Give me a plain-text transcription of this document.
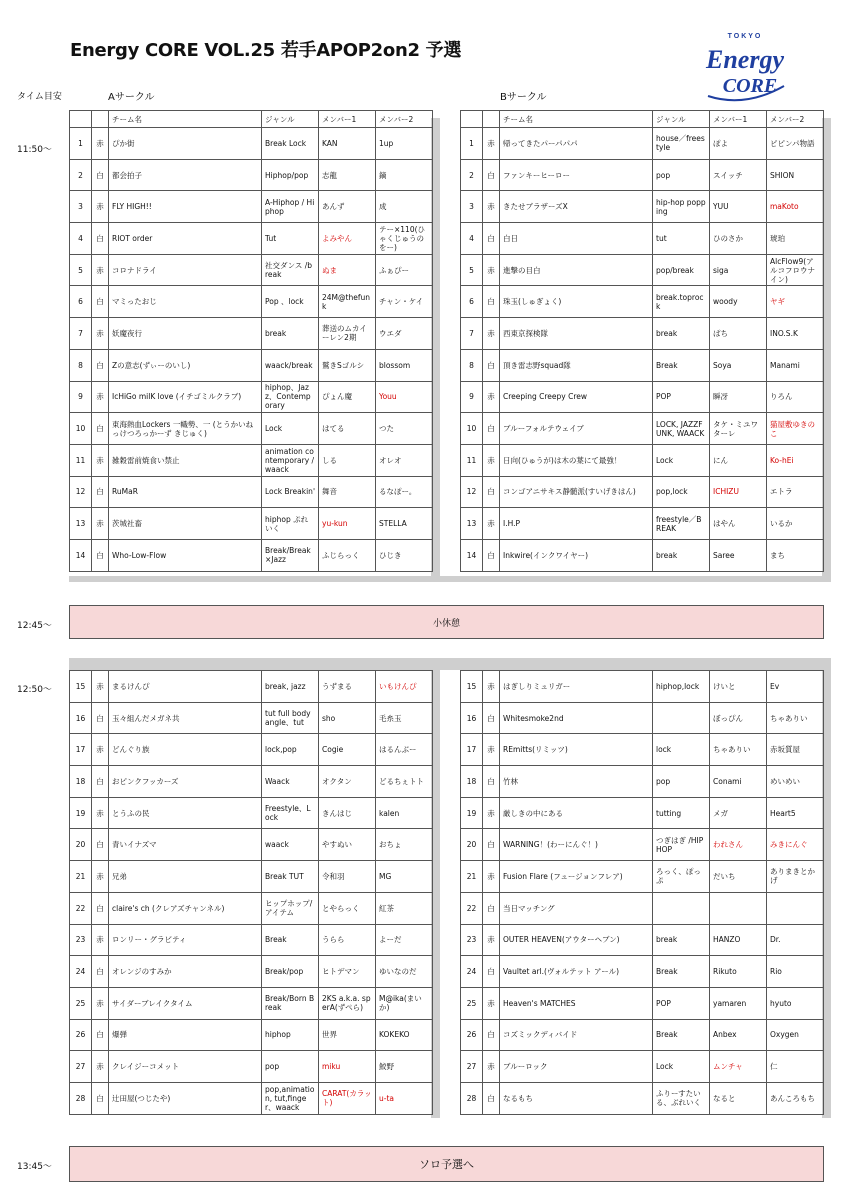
Energy CORE VOL.25 若手APOP2on2 予選
TOKYO
Energy
CORE
タイム目安	Aサークル	Bサークル
11:50〜
12:45〜
12:50〜
13:45〜
		チーム名	ジャンル	メンバー1	メンバー2
1	赤	ぴか街	Break Lock	KAN	1up
2	白	都会拍子	Hiphop/pop	志龍	鏑
3	赤	FLY HIGH!!	A-Hiphop / Hiphop	あんず	成
4	白	RIOT order	Tut	よみやん	テー×110(ひゃくじゅうのをー)
5	赤	コロナドライ	社交ダンス /break	ぬま	ふぁぴー
6	白	マミったおじ	Pop 、lock	24M@thefunk	チャン・ケイ
7	赤	妖魔夜行	break	葬送のムカイーレン2期	ウエダ
8	白	Zの意志(ずぃーのいし)	waack/break	鷲きSゴルシ	blossom
9	赤	IcHiGo milK love (イチゴミルクラブ)	hiphop、Jazz、Contemporary	ぴょん魔	Youu
10	白	東海熱血Lockers 一幟勢、一 (とうかいねっけつろっかーず きじゅく)	Lock	はてる	つた
11	赤	雑穀雷前焼食い禁止	animation contemporary / waack	しる	オレオ
12	白	RuMaR	Lock Breakin'	舞音	るなぽー。
13	赤	茨城社畜	hiphop ぷれいく	yu-kun	STELLA
14	白	Who-Low-Flow	Break/Break×Jazz	ふじらっく	ひじき
		チーム名	ジャンル	メンバー1	メンバー2
1	赤	帰ってきたパーパパパ	house／freestyle	ぽよ	ピピンパ物語
2	白	ファンキーヒーロー	pop	スイッチ	SHION
3	赤	きたせブラザーズX	hip-hop popping	YUU	maKoto
4	白	白日	tut	ひのさか	琥珀
5	赤	進撃の目白	pop/break	siga	AlcFlow9(アルコフロウナイン)
6	白	珠玉(しゅぎょく)	break.toprock	woody	ヤギ
7	赤	西東京探検隊	break	ぱち	INO.S.K
8	白	頂き雷志野squad隊	Break	Soya	Manami
9	赤	Creeping Creepy Crew	POP	瞬冴	りろん
10	白	ブルーフォルテウェイブ	LOCK, JAZZFUNK, WAACK	タケ・ミユワターレ	猫屋敷ゆきのこ
11	赤	日向(ひゅうが)は木の葉にて最強！	Lock	にん	Ko-hEi
12	白	コンゴアニサキス静髄派(すいげきはん)	pop,lock	ICHIZU	エトラ
13	赤	I.H.P	freestyle／BREAK	はやん	いるか
14	白	Inkwire(インクワイヤー)	break	Saree	まち
小休憩
15	赤	まるけんぴ	break, jazz	うずまる	いもけんぴ
16	白	玉々組んだメガネ共	tut full body angle、tut	sho	毛糸玉
17	赤	どんぐり族	lock,pop	Cogie	はるんぶー
18	白	おピンクフッカーズ	Waack	オクタン	どるちぇトト
19	赤	とうふの民	Freestyle、Lock	きんはじ	kalen
20	白	青いイナズマ	waack	やすぬい	おちょ
21	赤	兄弟	Break TUT	令和羽	MG
22	白	claire's ch (クレアズチャンネル)	ヒップホップ/アイテム	とやらっく	紅茶
23	赤	ロンリー・グラビティ	Break	うらら	よーだ
24	白	オレンジのすみか	Break/pop	ヒトデマン	ゆいなのだ
25	赤	サイダーブレイクタイム	Break/Born Break	2KS a.k.a. sperA(ずぺら)	M@ika(まいか)
26	白	爆弾	hiphop	世界	KOKEKO
27	赤	クレイジーコメット	pop	miku	鮫野
28	白	辻田屋(つじたや)	pop,animation, tut,finger、waack	CARAT(カラット)	u-ta
15	赤	はぎしりミュリガー	hiphop,lock	けいと	Ev
16	白	Whitesmoke2nd		ぼっぴん	ちゃありい
17	赤	REmitts(リミッツ)	lock	ちゃありい	赤坂質屋
18	白	竹林	pop	Conami	めいめい
19	赤	厳しきの中にある	tutting	メガ	Heart5
20	白	WARNING！(わーにんぐ！)	つぎはぎ /HIPHOP	われさん	みきにんぐ
21	赤	Fusion Flare (フュージョンフレア)	ろっく、ぽっぷ	だいち	ありまきとかげ
22	白	当日マッチング			
23	赤	OUTER HEAVEN(アウターヘブン)	break	HANZO	Dr.
24	白	Vaultet arl.(ヴォルテット アール)	Break	Rikuto	Rio
25	赤	Heaven's MATCHES	POP	yamaren	hyuto
26	白	コズミックディバイド	Break	Anbex	Oxygen
27	赤	ブルーロック	Lock	ムンチャ	仁
28	白	なるもち	ふりーすたいる、ぶれいく	なると	あんころもち
ソロ予選へ
